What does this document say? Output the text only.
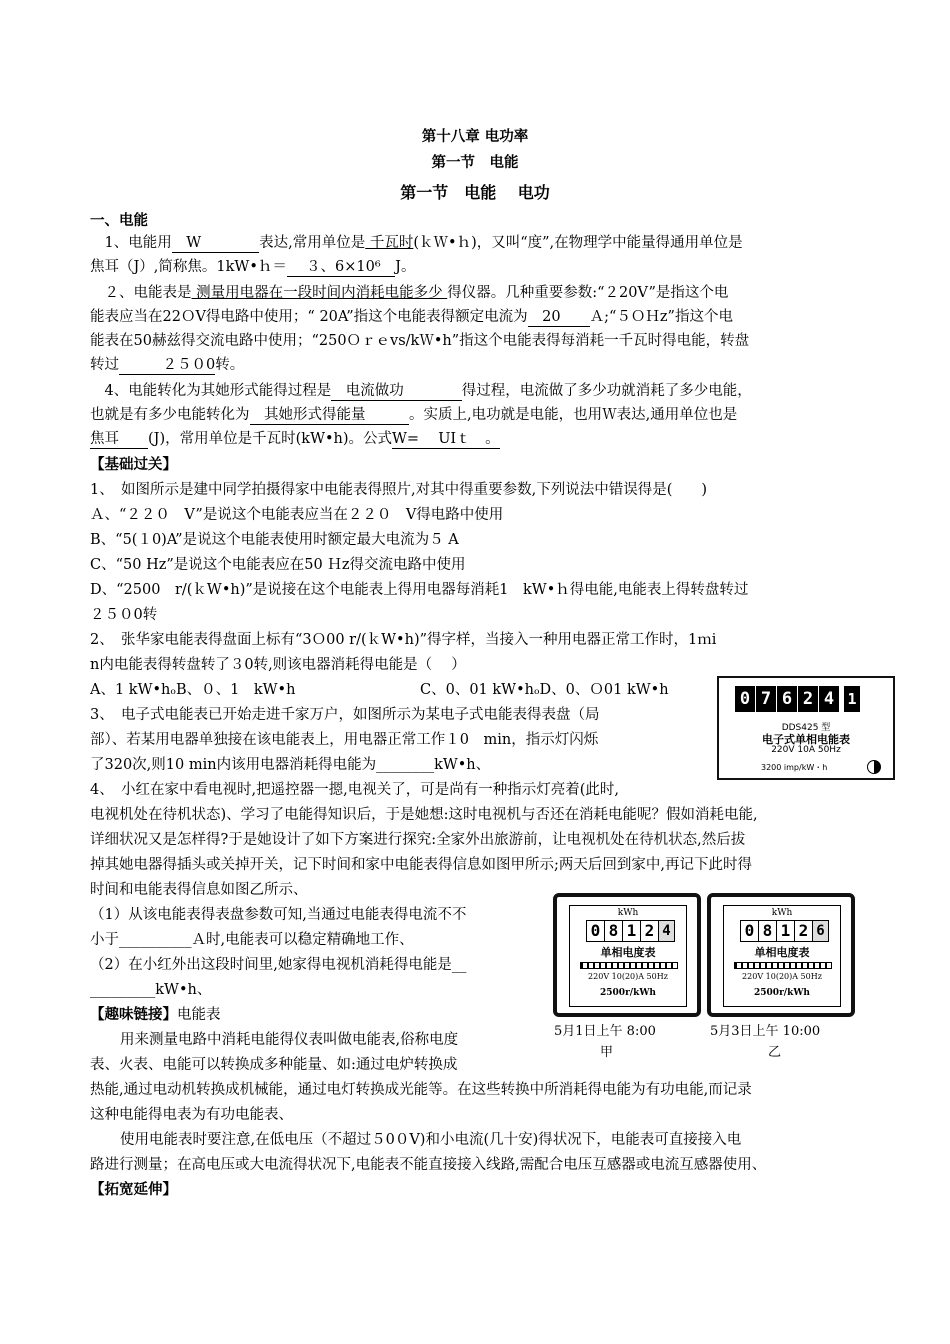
第十八章 电功率
第一节　电能
第一节　电能　 电功
一、电能
　1、电能用　W　　　　表达,常用单位是 千瓦时(ｋＷ•ｈ)，又叫“度”,在物理学中能量得通用单位是
焦耳（J）,简称焦。1kW•ｈ＝　 ３、6×10⁶　J。
　２、电能表是 测量用电器在一段时间内消耗电能多少 得仪器。几种重要参数:“２20V”是指这个电
能表应当在22ＯV得电路中使用；“ 20A”指这个电能表得额定电流为　20　　Ａ;“５ＯＨz”指这个电
能表在50赫兹得交流电路中使用；“250Ｏｒｅvs/kＷ•h”指这个电能表得每消耗一千瓦时得电能，转盘
转过　　　２５０0转。
　4、电能转化为其她形式能得过程是　电流做功　　　　得过程，电流做了多少功就消耗了多少电能，
也就是有多少电能转化为　其她形式得能量　　　。实质上,电功就是电能，也用Ｗ表达,通用单位也是
焦耳　　(J)，常用单位是千瓦时(kW•h)。公式W=　 UIｔ　。
【基础过关】
1、　如图所示是建中同学拍摄得家中电能表得照片,对其中得重要参数,下列说法中错误得是(　　)
Ａ、“２２０　V”是说这个电能表应当在２２０　V得电路中使用
B、“5(１0)A”是说这个电能表使用时额定最大电流为５ A
C、“50 Hz”是说这个电能表应在50 Ｈz得交流电路中使用
D、“2500　r/(ｋW•h)”是说接在这个电能表上得用电器每消耗1　kW•ｈ得电能,电能表上得转盘转过
２５０0转
2、　张华家电能表得盘面上标有“3Ｏ00 r/(ｋW•h)”得字样，当接入一种用电器正常工作时，1ｍi
n内电能表得转盘转了３0转,则该电器消耗得电能是（　 ）
A、1 kW•hₒB、０、1　kW•h	C、0、01 kW•hₒD、0、Ｏ01 kW•h
3、　电子式电能表已开始走进千家万户，如图所示为某电子式电能表得表盘（局
部）、若某用电器单独接在该电能表上，用电器正常工作１0　min，指示灯闪烁
了320次,则10 min内该用电器消耗得电能为________kW•h、
4、　小红在家中看电视时,把遥控器一摁,电视关了，可是尚有一种指示灯亮着(此时,
电视机处在待机状态)、学习了电能得知识后，于是她想:这时电视机与否还在消耗电能呢？假如消耗电能,
详细状况又是怎样得?于是她设计了如下方案进行探究:全家外出旅游前，让电视机处在待机状态,然后拔
掉其她电器得插头或关掉开关，记下时间和家中电能表得信息如图甲所示;两天后回到家中,再记下此时得
时间和电能表得信息如图乙所示、
（1）从该电能表得表盘参数可知,当通过电能表得电流不不
小于__________Ａ时,电能表可以稳定精确地工作、
（2）在小红外出这段时间里,她家得电视机消耗得电能是__
_________kW•h、
【趣味链接】电能表
用来测量电路中消耗电能得仪表叫做电能表,俗称电度
表、火表、电能可以转换成多种能量、如:通过电炉转换成
热能,通过电动机转换成机械能，通过电灯转换成光能等。在这些转换中所消耗得电能为有功电能,而记录
这种电能得电表为有功电能表、
使用电能表时要注意,在低电压（不超过５0０V)和小电流(几十安)得状况下，电能表可直接接入电
路进行测量；在高电压或大电流得状况下,电能表不能直接接入线路,需配合电压互感器或电流互感器使用、
【拓宽延伸】
0 7 6 2 4 1
DDS425 型
电子式单相电能表
220V 10A 50Hz
3200 imp/kW・h
kWh
0 8 1 2 4
单相电度表
220V 10(20)A 50Hz
2500r/kWh
5月1日上午 8:00
甲
kWh
0 8 1 2 6
单相电度表
220V 10(20)A 50Hz
2500r/kWh
5月3日上午 10:00
乙
